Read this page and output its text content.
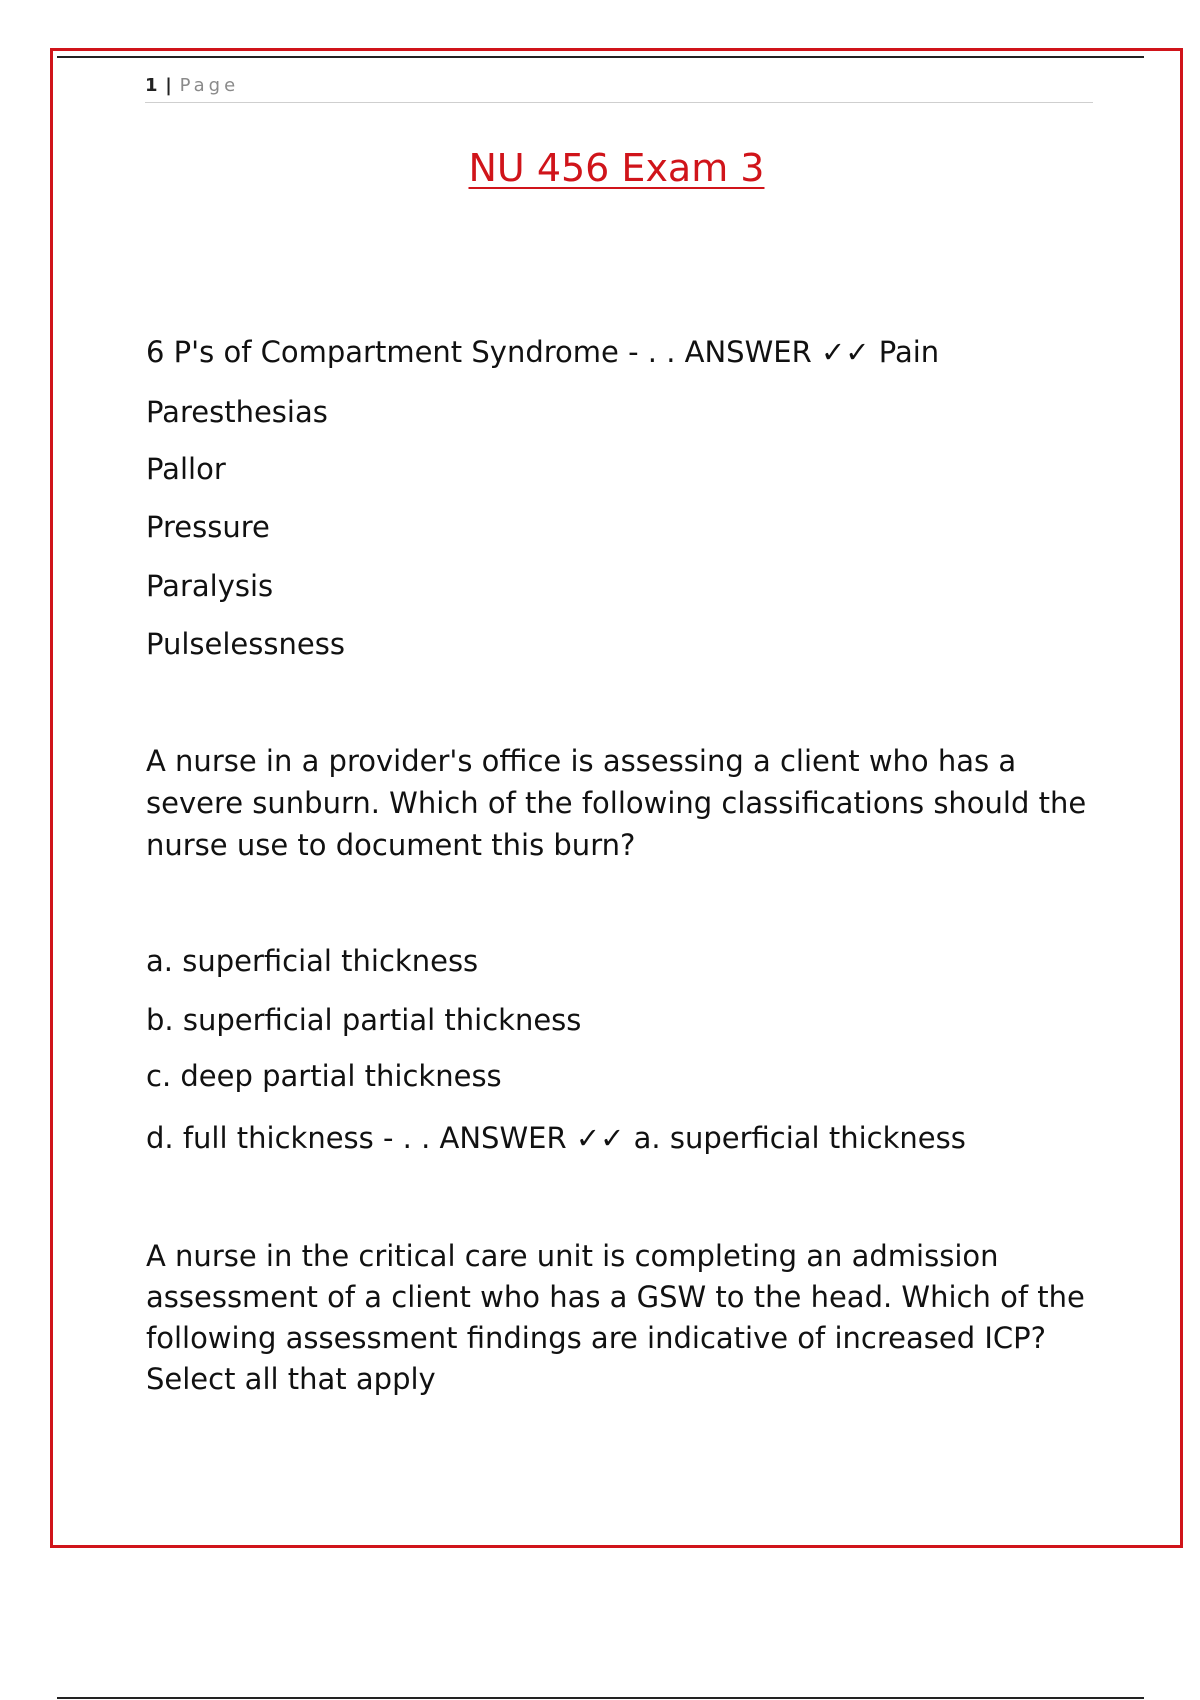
1 | Page
NU 456 Exam 3
6 P's of Compartment Syndrome - . . ANSWER ✓✓ Pain
Paresthesias
Pallor
Pressure
Paralysis
Pulselessness
A nurse in a provider's office is assessing a client who has a severe sunburn. Which of the following classifications should the nurse use to document this burn?
a. superficial thickness
b. superficial partial thickness
c. deep partial thickness
d. full thickness - . . ANSWER ✓✓ a. superficial thickness
A nurse in the critical care unit is completing an admission assessment of a client who has a GSW to the head. Which of the following assessment findings are indicative of increased ICP? Select all that apply
